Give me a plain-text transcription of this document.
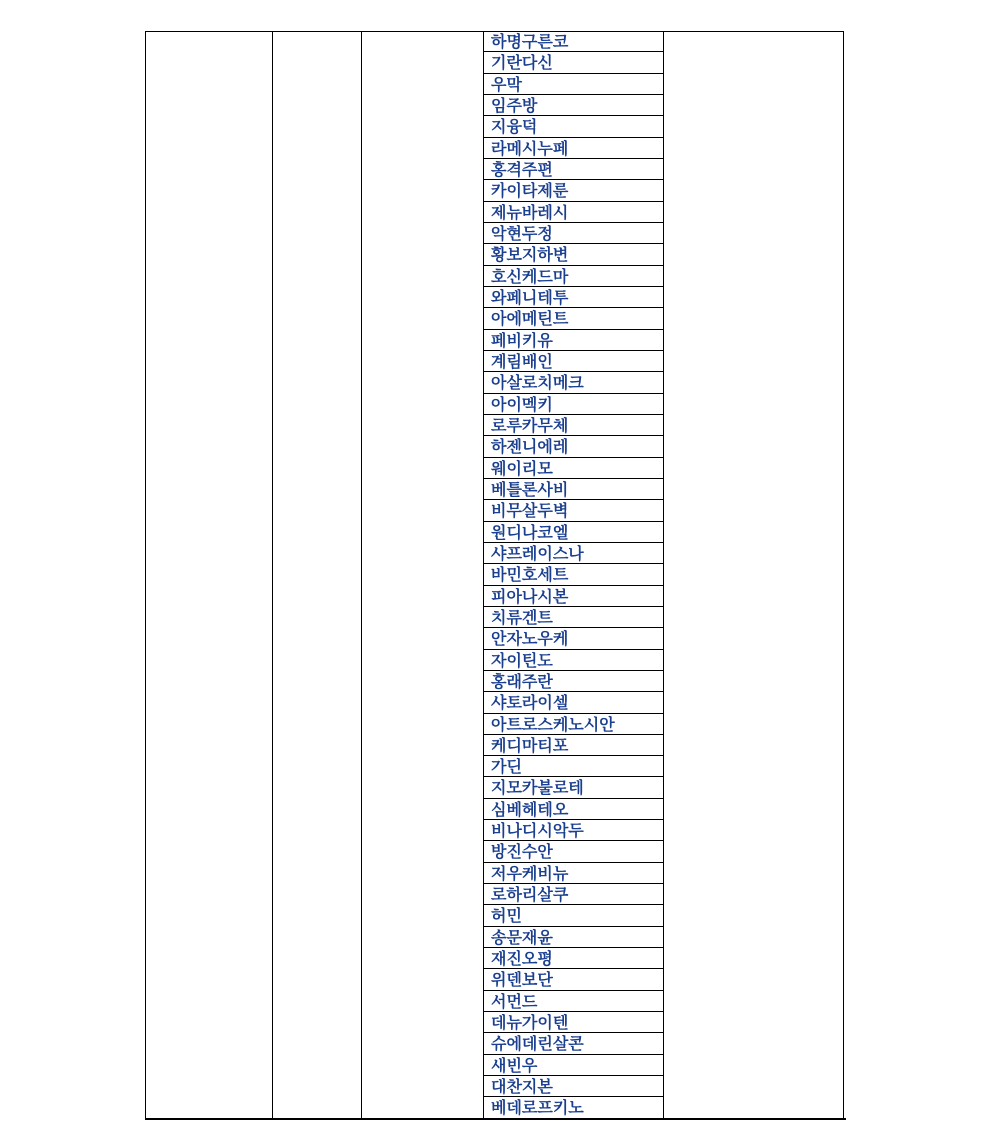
하명구른코
기란다신
우막
임주방
지융덕
라메시누페
홍격주편
카이타제룬
제뉴바레시
악현두정
황보지하변
호신케드마
와페니테투
아에메틴트
페비키유
계림배인
아살로치메크
아이멕키
로루카무체
하젠니에레
웨이리모
베틀론사비
비무살두벽
원디나코엘
샤프레이스나
바민호세트
피아나시본
치류겐트
안자노우케
자이틴도
홍래주란
샤토라이셀
아트로스케노시안
케디마티포
가딘
지모카불로테
심베헤테오
비나디시악두
방진수안
저우케비뉴
로하리살쿠
허민
송문재윤
재진오평
위덴보단
서먼드
데뉴가이텐
슈에데린살콘
새빈우
대찬지본
베데로프키노
